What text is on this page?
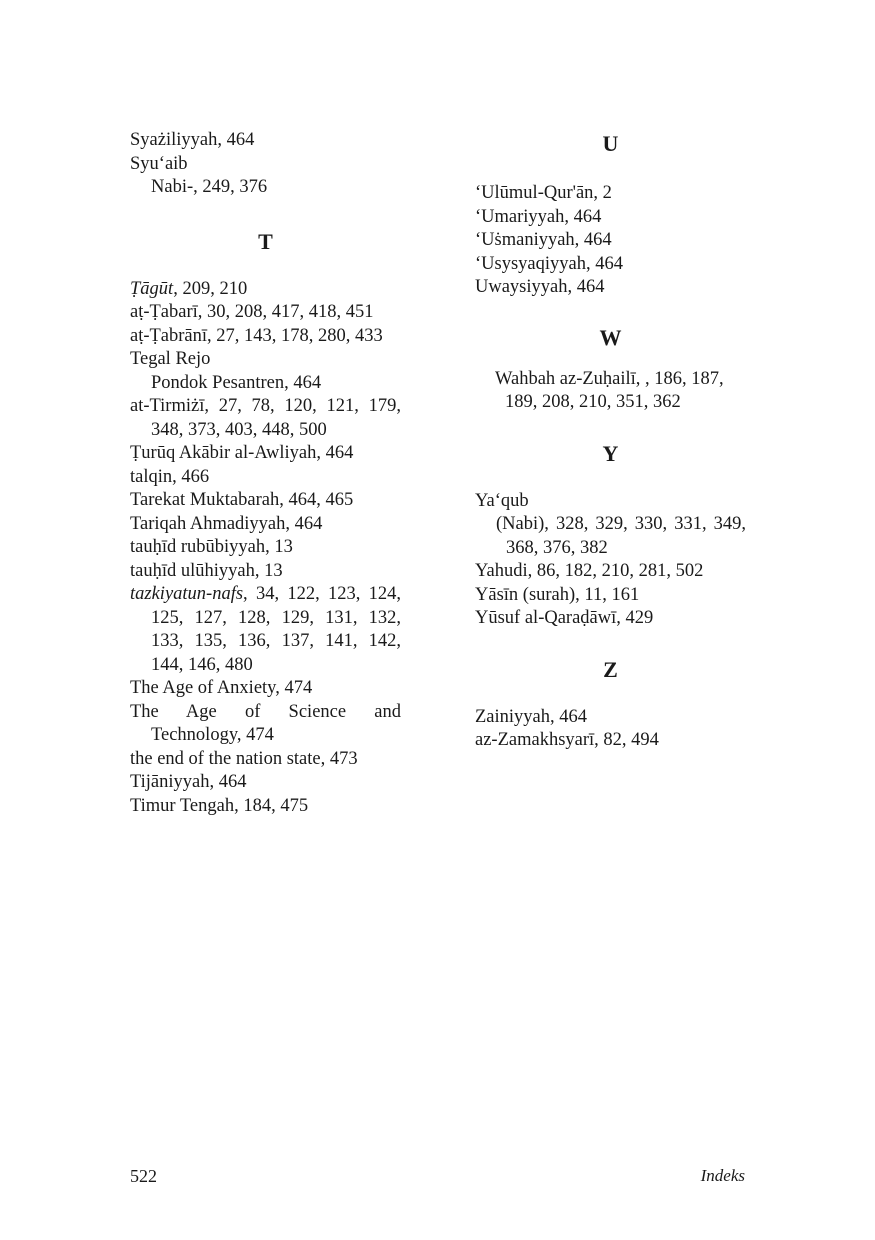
Syażiliyyah, 464

Syu‘aib

Nabi-, 249, 376

T

Ṭāgūt, 209, 210

aṭ-Ṭabarī, 30, 208, 417, 418, 451

aṭ-Ṭabrānī, 27, 143, 178, 280, 433

Tegal Rejo

Pondok Pesantren, 464

at-Tirmiżī, 27, 78, 120, 121, 179, 348, 373, 403, 448, 500

Ṭurūq Akābir al-Awliyah, 464

talqin, 466

Tarekat Muktabarah, 464, 465

Tariqah Ahmadiyyah, 464

tauḥīd rubūbiyyah, 13

tauḥīd ulūhiyyah, 13

tazkiyatun-nafs, 34, 122, 123, 124, 125, 127, 128, 129, 131, 132, 133, 135, 136, 137, 141, 142, 144, 146, 480

The Age of Anxiety, 474

The Age of Science and Technology, 474

the end of the nation state, 473

Tijāniyyah, 464

Timur Tengah, 184, 475

U

‘Ulūmul-Qur'ān, 2

‘Umariyyah, 464

‘Uṡmaniyyah, 464

‘Usysyaqiyyah, 464

Uwaysiyyah, 464

W

Wahbah az-Zuḥailī, , 186, 187,
189, 208, 210, 351, 362

Y

Ya‘qub

(Nabi), 328, 329, 330, 331, 349, 368, 376, 382

Yahudi, 86, 182, 210, 281, 502

Yāsīn (surah), 11, 161

Yūsuf al-Qaraḍāwī, 429

Z

Zainiyyah, 464

az-Zamakhsyarī, 82, 494

522	Indeks
